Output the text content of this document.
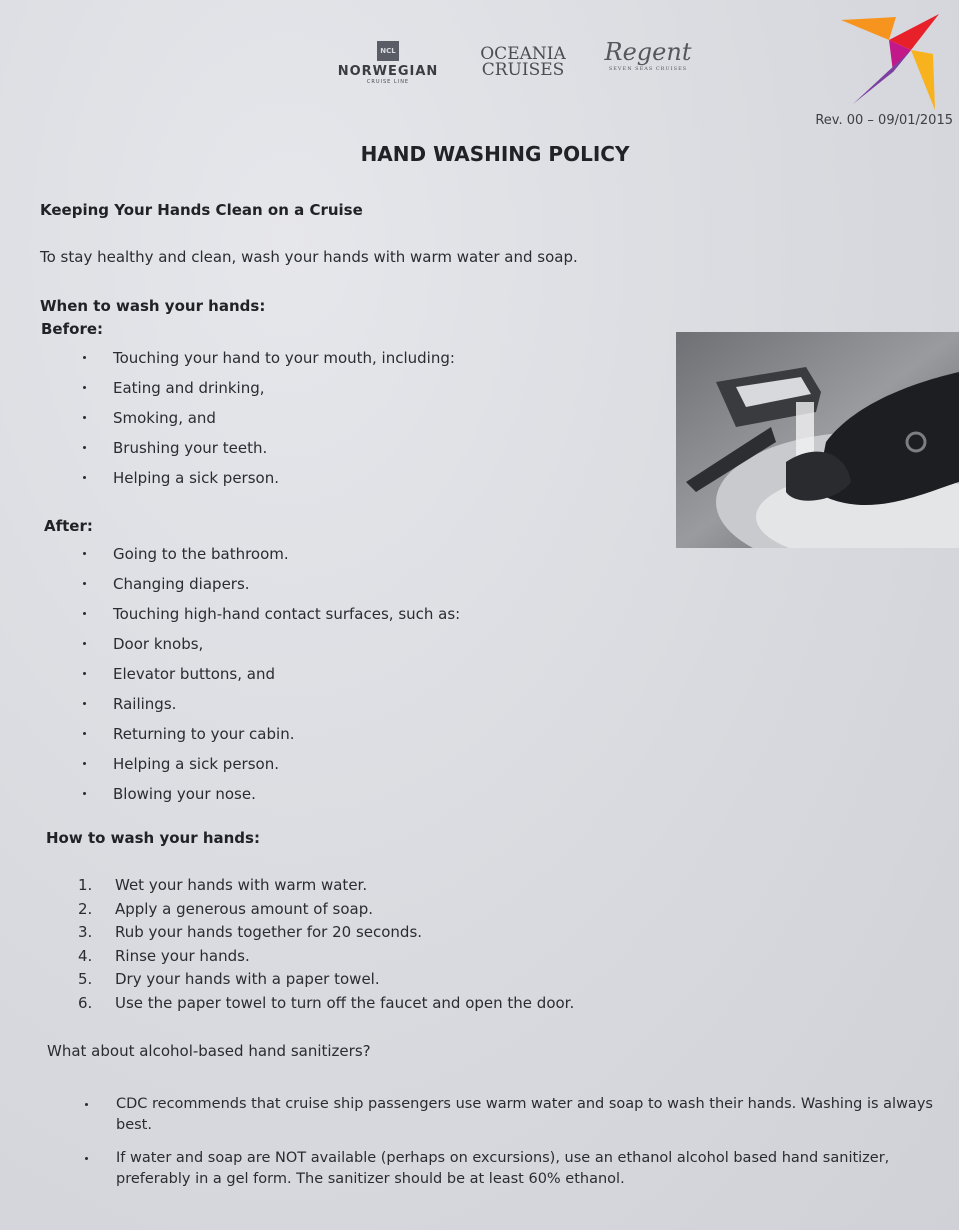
NCL
NORWEGIAN
CRUISE LINE
OCEANIA
CRUISES
Regent
SEVEN SEAS CRUISES
Rev. 00 – 09/01/2015
HAND WASHING POLICY
Keeping Your Hands Clean on a Cruise
To stay healthy and clean, wash your hands with warm water and soap.
When to wash your hands:
Before:
Touching your hand to your mouth, including:
Eating and drinking,
Smoking, and
Brushing your teeth.
Helping a sick person.
After:
Going to the bathroom.
Changing diapers.
Touching high-hand contact surfaces, such as:
Door knobs,
Elevator buttons, and
Railings.
Returning to your cabin.
Helping a sick person.
Blowing your nose.
How to wash your hands:
1. Wet your hands with warm water.
2. Apply a generous amount of soap.
3. Rub your hands together for 20 seconds.
4. Rinse your hands.
5. Dry your hands with a paper towel.
6. Use the paper towel to turn off the faucet and open the door.
What about alcohol-based hand sanitizers?
CDC recommends that cruise ship passengers use warm water and soap to wash their hands. Washing is always best.
If water and soap are NOT available (perhaps on excursions), use an ethanol alcohol based hand sanitizer, preferably in a gel form. The sanitizer should be at least 60% ethanol.
